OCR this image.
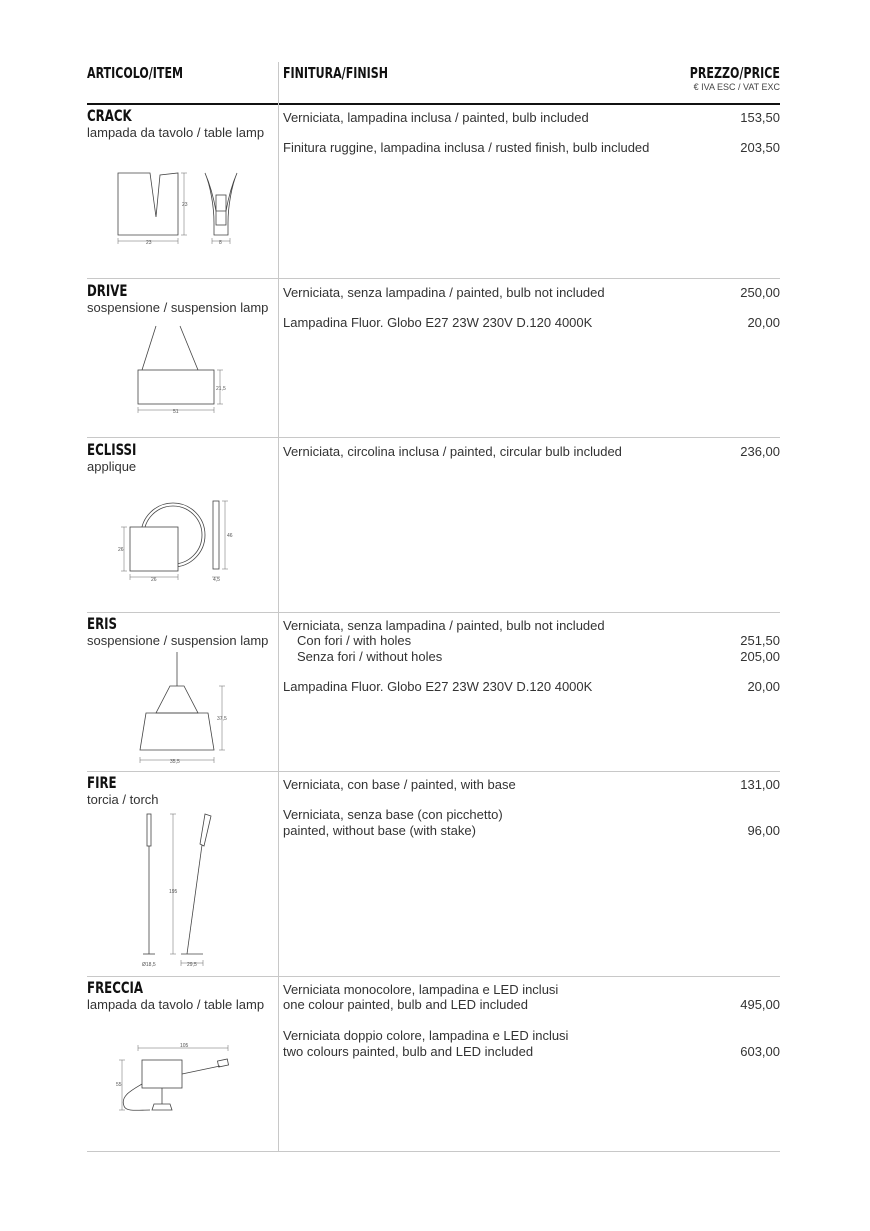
ARTICOLO/ITEM	FINITURA/FINISH	PREZZO/PRICE
€ IVA ESC / VAT EXC
CRACK
lampada da tavolo / table lamp
Verniciata, lampadina inclusa / painted, bulb included	153,50
Finitura ruggine, lampadina inclusa / rusted finish, bulb included	203,50
23
23
8
DRIVE
sospensione / suspension lamp
Verniciata, senza lampadina / painted, bulb not included	250,00
Lampadina Fluor. Globo E27 23W 230V D.120 4000K	20,00
21,5
51
ECLISSI
applique
Verniciata, circolina inclusa / painted, circular bulb included	236,00
26
26
46
4,5
ERIS
sospensione / suspension lamp
Verniciata, senza lampadina / painted, bulb not included
Con fori / with holes	251,50
Senza fori / without holes	205,00
Lampadina Fluor. Globo E27 23W 230V D.120 4000K	20,00
35,5
37,5
FIRE
torcia / torch
Verniciata, con base / painted, with base	131,00
Verniciata, senza base (con picchetto)
painted, without base (with stake)	96,00
195
Ø18,5	29,5
FRECCIA
lampada da tavolo / table lamp
Verniciata monocolore, lampadina e LED inclusi
one colour painted, bulb and LED included	495,00
Verniciata doppio colore, lampadina e LED inclusi
two colours painted, bulb and LED included	603,00
105
55
